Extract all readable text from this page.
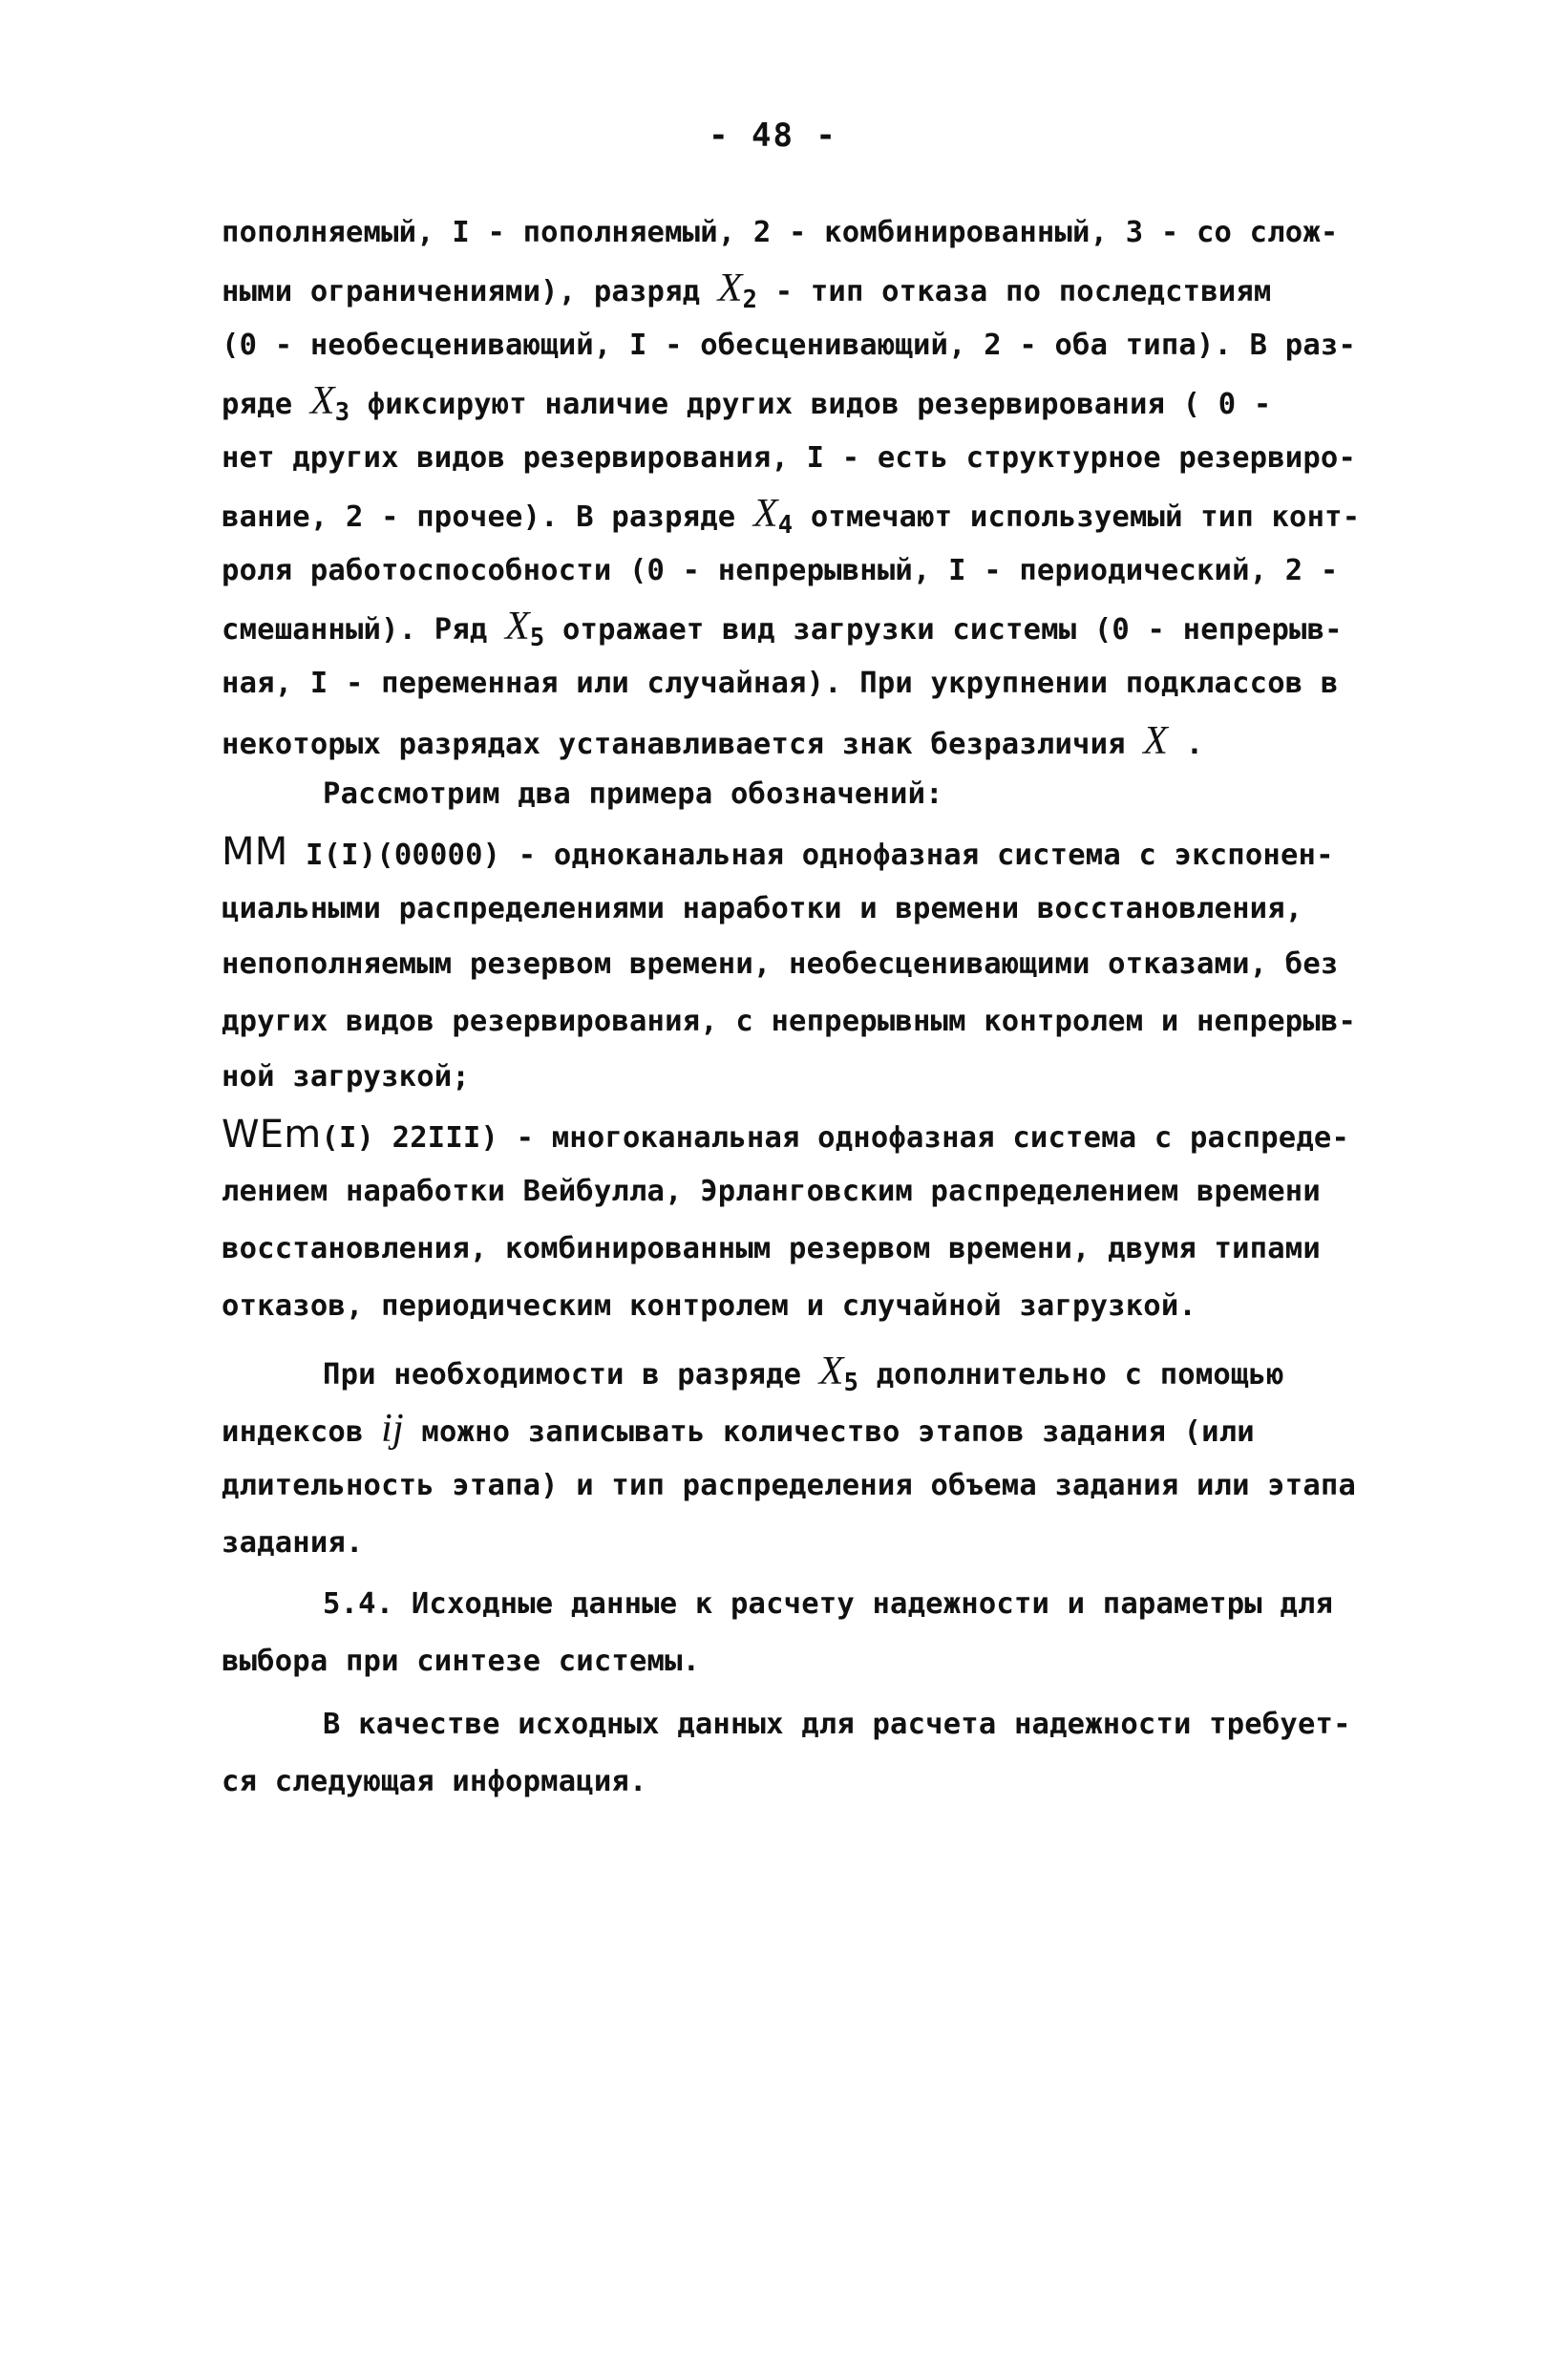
- 48 -
пополняемый, I - пополняемый, 2 - комбинированный, 3 - со слож-
ными ограничениями), разряд $X_2$ - тип отказа по последствиям
(0 - необесценивающий, I - обесценивающий, 2 - оба типа). В раз-
ряде $X_3$ фиксируют наличие других видов резервирования ( 0 -
нет других видов резервирования, I - есть структурное резервиро-
вание, 2 - прочее). В разряде $X_4$ отмечают используемый тип конт-
роля работоспособности (0 - непрерывный, I - периодический, 2 -
смешанный). Ряд $X_5$ отражает вид загрузки системы (0 - непрерыв-
ная, I - переменная или случайная). При укрупнении подклассов в
некоторых разрядах устанавливается знак безразличия X .
Рассмотрим два примера обозначений:
MM I(I)(00000) - одноканальная однофазная система с экспонен-
циальными распределениями наработки и времени восстановления,
непополняемым резервом времени, необесценивающими отказами, без
других видов резервирования, с непрерывным контролем и непрерыв-
ной загрузкой;
WEm(I) 22III) - многоканальная однофазная система с распреде-
лением наработки Вейбулла, Эрланговским распределением времени
восстановления, комбинированным резервом времени, двумя типами
отказов, периодическим контролем и случайной загрузкой.
При необходимости в разряде $X_5$ дополнительно с помощью
индексов ij можно записывать количество этапов задания (или
длительность этапа) и тип распределения объема задания или этапа
задания.
5.4. Исходные данные к расчету надежности и параметры для
выбора при синтезе системы.
В качестве исходных данных для расчета надежности требует-
ся следующая информация.
